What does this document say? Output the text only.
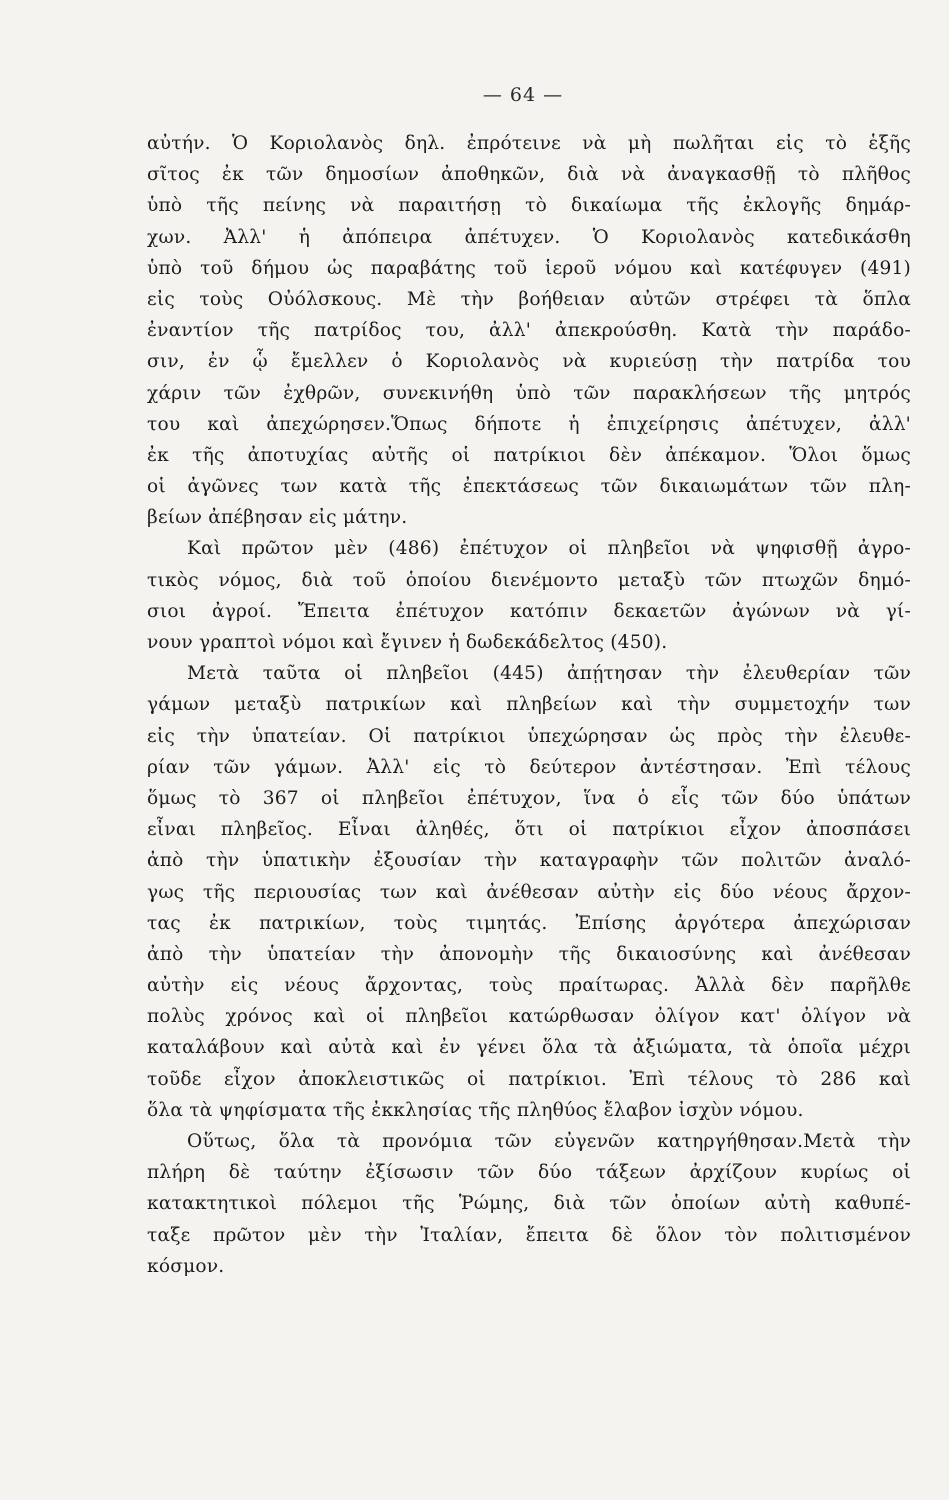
— 64 —
αὐτήν. Ὁ Κοριολανὸς δηλ. ἐπρότεινε νὰ μὴ πωλῆται εἰς τὸ ἑξῆς
σῖτος ἐκ τῶν δημοσίων ἀποθηκῶν, διὰ νὰ ἀναγκασθῇ τὸ πλῆθος
ὑπὸ τῆς πείνης νὰ παραιτήσῃ τὸ δικαίωμα τῆς ἐκλογῆς δημάρ-
χων. Ἀλλ' ἡ ἀπόπειρα ἀπέτυχεν. Ὁ Κοριολανὸς κατεδικάσθη
ὑπὸ τοῦ δήμου ὡς παραβάτης τοῦ ἱεροῦ νόμου καὶ κατέφυγεν (491)
εἰς τοὺς Οὐόλσκους. Μὲ τὴν βοήθειαν αὐτῶν στρέφει τὰ ὅπλα
ἐναντίον τῆς πατρίδος του, ἀλλ' ἀπεκρούσθη. Κατὰ τὴν παράδο-
σιν, ἐν ᾧ ἔμελλεν ὁ Κοριολανὸς νὰ κυριεύσῃ τὴν πατρίδα του
χάριν τῶν ἐχθρῶν, συνεκινήθη ὑπὸ τῶν παρακλήσεων τῆς μητρός
του καὶ ἀπεχώρησεν.Ὅπως δήποτε ἡ ἐπιχείρησις ἀπέτυχεν, ἀλλ'
ἐκ τῆς ἀποτυχίας αὐτῆς οἱ πατρίκιοι δὲν ἀπέκαμον. Ὅλοι ὅμως
οἱ ἀγῶνες των κατὰ τῆς ἐπεκτάσεως τῶν δικαιωμάτων τῶν πλη-
βείων ἀπέβησαν εἰς μάτην.
Καὶ πρῶτον μὲν (486) ἐπέτυχον οἱ πληβεῖοι νὰ ψηφισθῇ ἀγρο-
τικὸς νόμος, διὰ τοῦ ὁποίου διενέμοντο μεταξὺ τῶν πτωχῶν δημό-
σιοι ἀγροί. Ἔπειτα ἐπέτυχον κατόπιν δεκαετῶν ἀγώνων νὰ γί-
νουν γραπτοὶ νόμοι καὶ ἔγινεν ἡ δωδεκάδελτος (450).
Μετὰ ταῦτα οἱ πληβεῖοι (445) ἀπῄτησαν τὴν ἐλευθερίαν τῶν
γάμων μεταξὺ πατρικίων καὶ πληβείων καὶ τὴν συμμετοχήν των
εἰς τὴν ὑπατείαν. Οἱ πατρίκιοι ὑπεχώρησαν ὡς πρὸς τὴν ἐλευθε-
ρίαν τῶν γάμων. Ἀλλ' εἰς τὸ δεύτερον ἀντέστησαν. Ἐπὶ τέλους
ὅμως τὸ 367 οἱ πληβεῖοι ἐπέτυχον, ἵνα ὁ εἷς τῶν δύο ὑπάτων
εἶναι πληβεῖος. Εἶναι ἀληθές, ὅτι οἱ πατρίκιοι εἶχον ἀποσπάσει
ἀπὸ τὴν ὑπατικὴν ἐξουσίαν τὴν καταγραφὴν τῶν πολιτῶν ἀναλό-
γως τῆς περιουσίας των καὶ ἀνέθεσαν αὐτὴν εἰς δύο νέους ἄρχον-
τας ἐκ πατρικίων, τοὺς τιμητάς. Ἐπίσης ἀργότερα ἀπεχώρισαν
ἀπὸ τὴν ὑπατείαν τὴν ἀπονομὴν τῆς δικαιοσύνης καὶ ἀνέθεσαν
αὐτὴν εἰς νέους ἄρχοντας, τοὺς πραίτωρας. Ἀλλὰ δὲν παρῆλθε
πολὺς χρόνος καὶ οἱ πληβεῖοι κατώρθωσαν ὀλίγον κατ' ὀλίγον νὰ
καταλάβουν καὶ αὐτὰ καὶ ἐν γένει ὅλα τὰ ἀξιώματα, τὰ ὁποῖα μέχρι
τοῦδε εἶχον ἀποκλειστικῶς οἱ πατρίκιοι. Ἐπὶ τέλους τὸ 286 καὶ
ὅλα τὰ ψηφίσματα τῆς ἐκκλησίας τῆς πληθύος ἔλαβον ἰσχὺν νόμου.
Οὕτως, ὅλα τὰ προνόμια τῶν εὐγενῶν κατηργήθησαν.Μετὰ τὴν
πλήρη δὲ ταύτην ἐξίσωσιν τῶν δύο τάξεων ἀρχίζουν κυρίως οἱ
κατακτητικοὶ πόλεμοι τῆς Ῥώμης, διὰ τῶν ὁποίων αὐτὴ καθυπέ-
ταξε πρῶτον μὲν τὴν Ἰταλίαν, ἔπειτα δὲ ὅλον τὸν πολιτισμένον
κόσμον.
